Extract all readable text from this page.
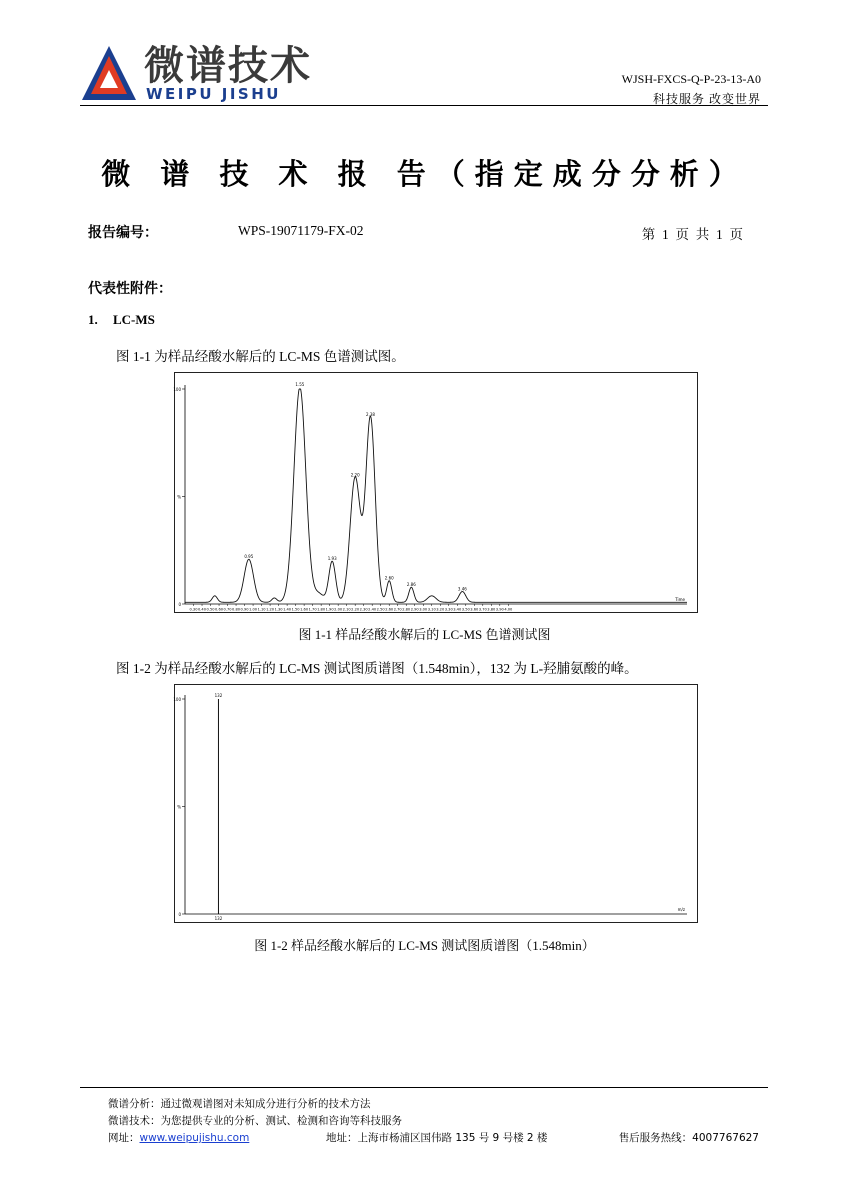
微谱技术
WEIPU JISHU
WJSH-FXCS-Q-P-23-13-A0
科技服务 改变世界
微 谱 技 术 报 告（指定成分分析）
报告编号：	WPS-19071179-FX-02	第  1  页  共  1  页
代表性附件：
1. LC-MS
图 1-1 为样品经酸水解后的 LC-MS 色谱测试图。
0
%
100
0.30 0.40 0.50 0.60 0.70 0.80 0.90 1.00 1.10 1.20 1.30 1.40 1.50 1.60 1.70 1.80 1.90 2.00 2.10 2.20 2.30 2.40 2.50 2.60 2.70 2.80 2.90 3.00 3.10 3.20 3.30 3.40 3.50 3.60 3.70 3.80 3.90 4.00
Time
0.95
1.55
1.93
2.20
2.38
2.60
2.86
3.46
图 1-1 样品经酸水解后的 LC-MS 色谱测试图
图 1-2 为样品经酸水解后的 LC-MS 测试图质谱图（1.548min），132 为 L-羟脯氨酸的峰。
0
%
100
132
m/z
132
图 1-2 样品经酸水解后的 LC-MS 测试图质谱图（1.548min）
微谱分析：通过微观谱图对未知成分进行分析的技术方法
微谱技术：为您提供专业的分析、测试、检测和咨询等科技服务
网址：www.weipujishu.com	地址：上海市杨浦区国伟路 135 号 9 号楼 2 楼	售后服务热线：4007767627
